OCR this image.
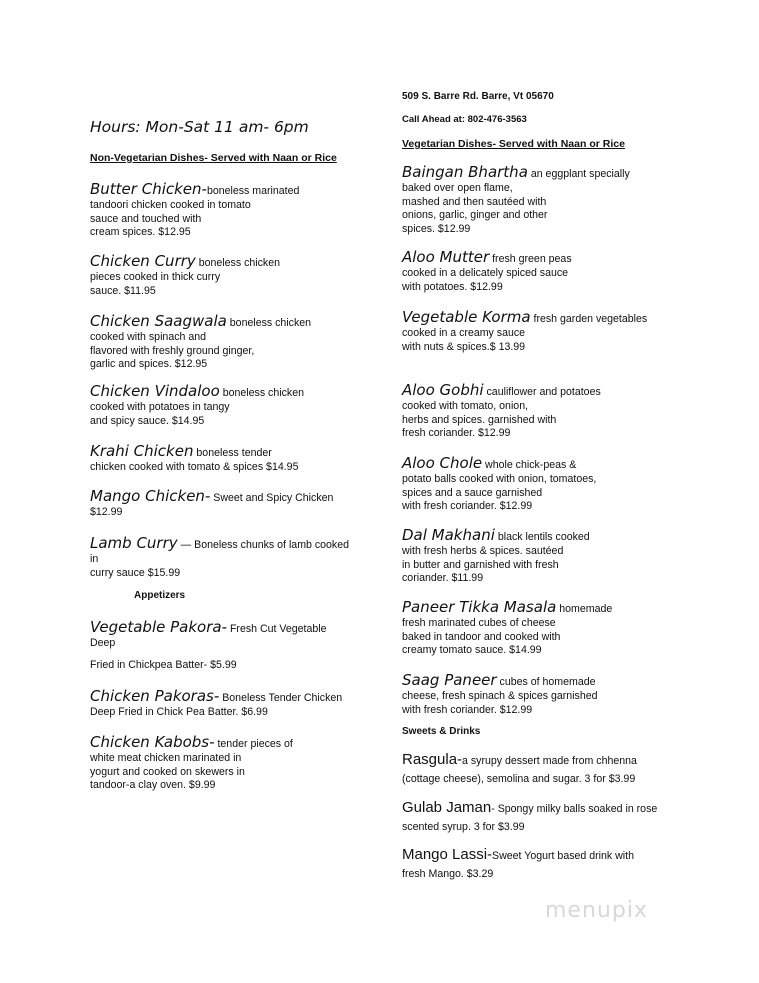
Hours: Mon-Sat 11 am- 6pm
Non-Vegetarian Dishes- Served with Naan or Rice
Butter Chicken-boneless marinated
tandoori chicken cooked in tomato
sauce and touched with
cream spices. $12.95
Chicken Curry boneless chicken
pieces cooked in thick curry
sauce. $11.95
Chicken Saagwala boneless chicken
cooked with spinach and
flavored with freshly ground ginger,
garlic and spices. $12.95
Chicken Vindaloo boneless chicken
cooked with potatoes in tangy
and spicy sauce. $14.95
Krahi Chicken boneless tender
chicken cooked with tomato & spices $14.95
Mango Chicken- Sweet and Spicy Chicken
$12.99
Lamb Curry — Boneless chunks of lamb cooked
in
curry sauce $15.99
Appetizers
Vegetable Pakora- Fresh Cut Vegetable
Deep
Fried in Chickpea Batter- $5.99
Chicken Pakoras- Boneless Tender Chicken
Deep Fried in Chick Pea Batter. $6.99
Chicken Kabobs- tender pieces of
white meat chicken marinated in
yogurt and cooked on skewers in
tandoor-a clay oven. $9.99
509 S. Barre Rd. Barre, Vt 05670
Call Ahead at: 802-476-3563
Vegetarian Dishes- Served with Naan or Rice
Baingan Bhartha an eggplant specially
baked over open flame,
mashed and then sautéed with
onions, garlic, ginger and other
spices. $12.99
Aloo Mutter fresh green peas
cooked in a delicately spiced sauce
with potatoes. $12.99
Vegetable Korma fresh garden vegetables
cooked in a creamy sauce
with nuts & spices.$ 13.99
Aloo Gobhi cauliflower and potatoes
cooked with tomato, onion,
herbs and spices. garnished with
fresh coriander. $12.99
Aloo Chole whole chick-peas &
potato balls cooked with onion, tomatoes,
spices and a sauce garnished
with fresh coriander. $12.99
Dal Makhani black lentils cooked
with fresh herbs & spices. sautéed
in butter and garnished with fresh
coriander. $11.99
Paneer Tikka Masala homemade
fresh marinated cubes of cheese
baked in tandoor and cooked with
creamy tomato sauce. $14.99
Saag Paneer cubes of homemade
cheese, fresh spinach & spices garnished
with fresh coriander. $12.99
Sweets & Drinks
Rasgula-a syrupy dessert made from chhenna
(cottage cheese), semolina and sugar. 3 for $3.99
Gulab Jaman- Spongy milky balls soaked in rose
scented syrup. 3 for $3.99
Mango Lassi-Sweet Yogurt based drink with
fresh Mango. $3.29
menupix
